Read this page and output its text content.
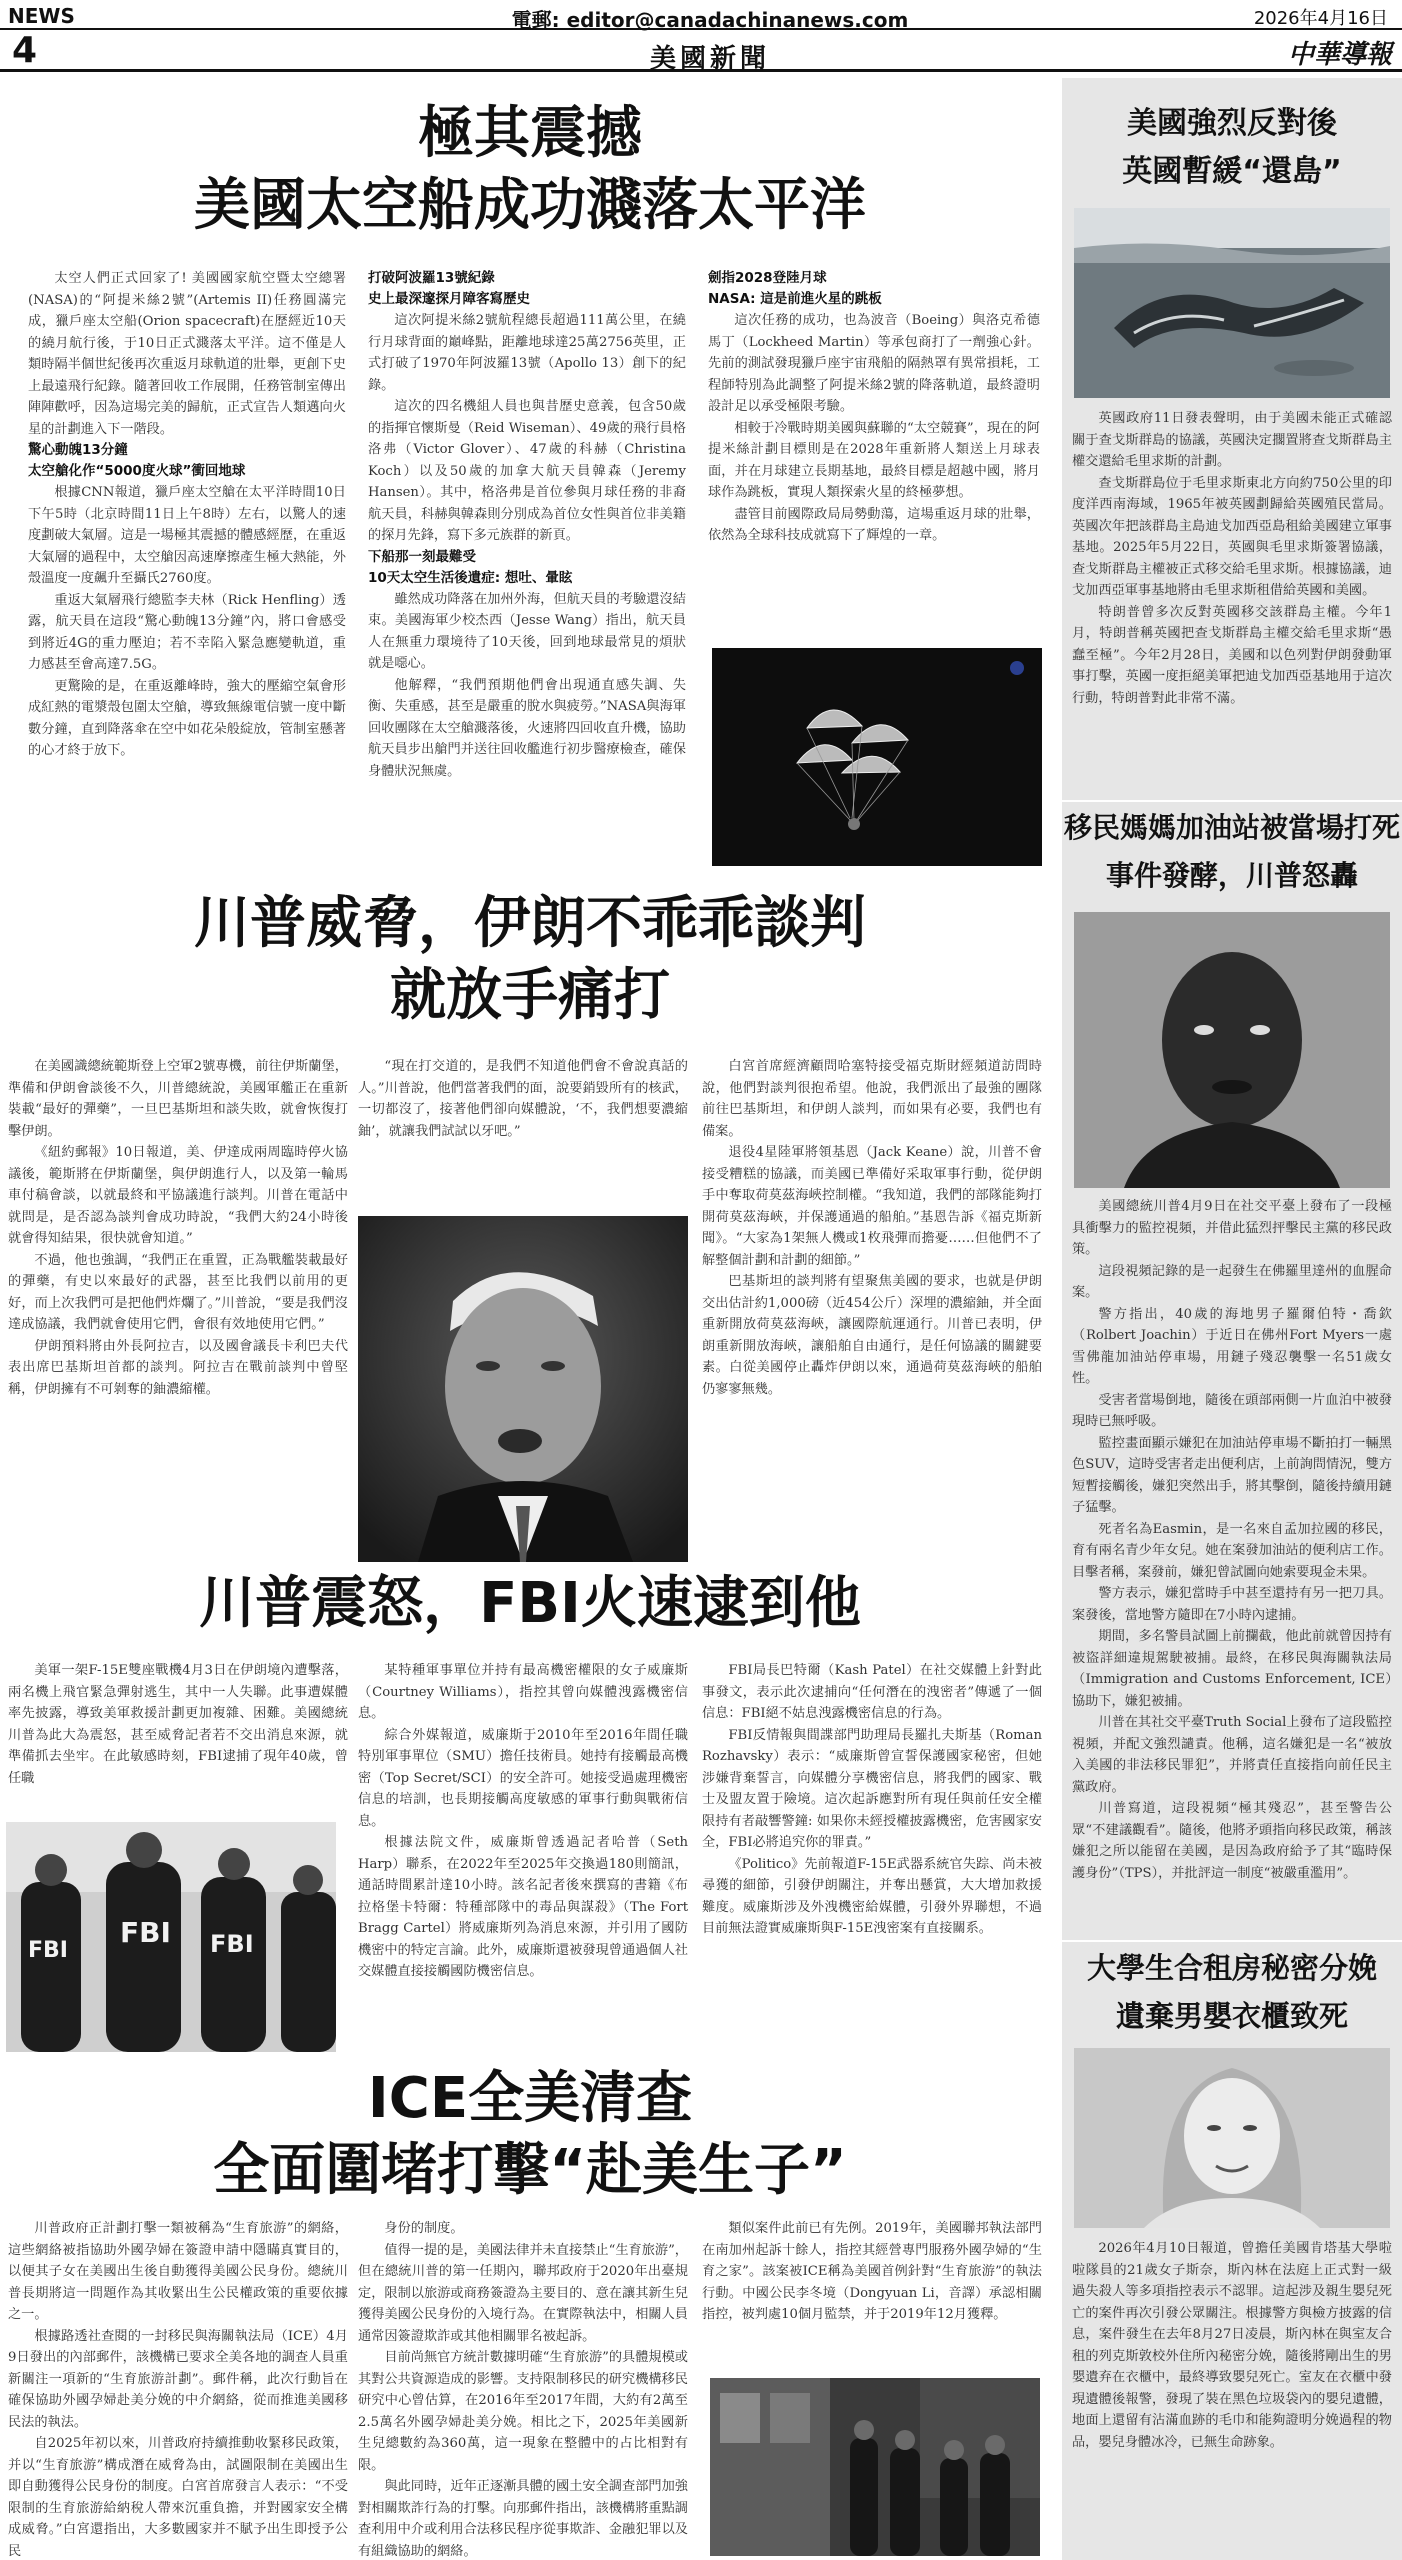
NEWS
4
電郵: editor@canadachinanews.com
美國新聞
2026年4月16日
中華導報
極其震撼
美國太空船成功濺落太平洋

太空人們正式回家了! 美國國家航空暨太空總署(NASA)的“阿提米絲2號”(Artemis II)任務圓滿完成，獵戶座太空船(Orion spacecraft)在歷經近10天的繞月航行後，于10日正式濺落太平洋。這不僅是人類時隔半個世紀後再次重返月球軌道的壯舉，更創下史上最遠飛行紀錄。隨著回收工作展開，任務管制室傳出陣陣歡呼，因為這場完美的歸航，正式宣告人類邁向火星的計劃進入下一階段。

驚心動魄13分鐘
太空艙化作“5000度火球”衝回地球

根據CNN報道，獵戶座太空艙在太平洋時間10日下午5時（北京時間11日上午8時）左右，以驚人的速度劃破大氣層。這是一場極其震撼的體感經歷，在重返大氣層的過程中，太空艙因高速摩擦產生極大熱能，外殼溫度一度飆升至攝氏2760度。

重返大氣層飛行總監李夫林（Rick Henfling）透露，航天員在這段“驚心動魄13分鐘”內，將口會感受到將近4G的重力壓迫；若不幸陷入緊急應變軌道，重力感甚至會高達7.5G。

更驚險的是，在重返離峰時，強大的壓縮空氣會形成紅熱的電漿殼包圍太空艙，導致無線電信號一度中斷數分鐘，直到降落傘在空中如花朵般綻放，管制室懸著的心才終于放下。

打破阿波羅13號紀錄
史上最深邃探月障客寫歷史

這次阿提米絲2號航程總長超過111萬公里，在繞行月球背面的巔峰點，距離地球達25萬2756英里，正式打破了1970年阿波羅13號（Apollo 13）創下的紀錄。

這次的四名機組人員也與昔歷史意義，包含50歲的指揮官懷斯曼（Reid Wiseman）、49歲的飛行員格洛弗（Victor Glover）、47歲的科赫（Christina Koch）以及50歲的加拿大航天員韓森（Jeremy Hansen）。其中，格洛弗是首位參與月球任務的非裔航天員，科赫與韓森則分別成為首位女性與首位非美籍的探月先鋒，寫下多元族群的新頁。

下船那一刻最難受
10天太空生活後遺症: 想吐、暈眩

雖然成功降落在加州外海，但航天員的考驗還沒結束。美國海軍少校杰西（Jesse Wang）指出，航天員人在無重力環境待了10天後，回到地球最常見的煩狀就是噁心。

他解釋，“我們預期他們會出現通直感失調、失衡、失重感，甚至是嚴重的脫水與疲勞。”NASA與海軍回收團隊在太空艙濺落後，火速將四回收直升機，協助航天員步出艙門并送往回收艦進行初步醫療檢查，確保身體狀況無虞。

劍指2028登陸月球
NASA: 這是前進火星的跳板

這次任務的成功，也為波音（Boeing）與洛克希德馬丁（Lockheed Martin）等承包商打了一劑強心針。先前的測試發現獵戶座宇宙飛船的隔熱罩有異常損耗，工程師特別為此調整了阿提米絲2號的降落軌道，最終證明設計足以承受極限考驗。

相較于冷戰時期美國與蘇聯的“太空競賽”，現在的阿提米絲計劃目標則是在2028年重新將人類送上月球表面，并在月球建立長期基地，最終目標是超越中國，將月球作為跳板，實現人類探索火星的終極夢想。

盡管目前國際政局局勢動蕩，這場重返月球的壯舉，依然為全球科技成就寫下了輝煌的一章。

川普威脅，伊朗不乖乖談判
就放手痛打

在美國識總統範斯登上空軍2號專機，前往伊斯蘭堡，準備和伊朗會談後不久，川普總統說，美國軍艦正在重新裝載“最好的彈藥”，一旦巴基斯坦和談失敗，就會恢復打擊伊朗。

《紐約郵報》10日報道，美、伊達成兩周臨時停火協議後，範斯將在伊斯蘭堡，與伊朗進行人，以及第一輪馬車付稿會談，以就最終和平協議進行談判。川普在電話中就問是，是否認為談判會成功時說，“我們大約24小時後就會得知結果，很快就會知道。”

不過，他也強調，“我們正在重置，正為戰艦裝載最好的彈藥，有史以來最好的武器，甚至比我們以前用的更好，而上次我們可是把他們炸爛了。”川普說，“要是我們沒達成協議，我們就會使用它們，會很有效地使用它們。”

伊朗預料將由外長阿拉吉，以及國會議長卡利巴夫代表出席巴基斯坦首都的談判。阿拉吉在戰前談判中曾堅稱，伊朗擁有不可剝奪的鈾濃縮權。

“現在打交道的，是我們不知道他們會不會說真話的人。”川普說，他們當著我們的面，說要銷毀所有的核武，一切都沒了，接著他們卻向媒體說，‘不，我們想要濃縮鈾’，就讓我們試試以牙吧。”

白宮首席經濟顧問哈塞特接受福克斯財經頻道訪問時說，他們對談判很抱希望。他說，我們派出了最強的團隊前往巴基斯坦，和伊朗人談判，而如果有必要，我們也有備案。

退役4星陸軍將領基恩（Jack Keane）說，川普不會接受糟糕的協議，而美國已準備好采取軍事行動，從伊朗手中奪取荷莫茲海峽控制權。“我知道，我們的部隊能夠打開荷莫茲海峽，并保護通過的船舶。”基恩告訴《福克斯新聞》。“大家為1架無人機或1枚飛彈而擔憂……但他們不了解整個計劃和計劃的細節。”

巴基斯坦的談判將有望聚焦美國的要求，也就是伊朗交出估計約1,000磅（近454公斤）深埋的濃縮鈾，并全面重新開放荷莫茲海峽，讓國際航運通行。川普已表明，伊朗重新開放海峽，讓船舶自由通行，是任何協議的關鍵要素。白從美國停止轟炸伊朗以來，通過荷莫茲海峽的船舶仍寥寥無幾。

川普震怒，FBI火速逮到他

美軍一架F-15E雙座戰機4月3日在伊朗境內遭擊落，兩名機上飛官緊急彈射逃生，其中一人失聯。此事遭媒體率先披露，導致美軍救援計劃更加複雜、困難。美國總統川普為此大為震怒，甚至威脅記者若不交出消息來源，就準備抓去坐牢。在此敏感時刻，FBI逮捕了現年40歲，曾任職

FBI
FBI FBI

某特種軍事單位并持有最高機密權限的女子威廉斯（Courtney Williams），指控其曾向媒體洩露機密信息。

綜合外媒報道，威廉斯于2010年至2016年間任職特別軍事單位（SMU）擔任技術員。她持有接觸最高機密（Top Secret/SCI）的安全許可。她接受過處理機密信息的培訓，也長期接觸高度敏感的軍事行動與戰術信息。

根據法院文件，威廉斯曾透過記者哈普（Seth Harp）聯系，在2022年至2025年交換過180則簡訊，通話時間累計達10小時。該名記者後來撰寫的書籍《布拉格堡卡特爾：特種部隊中的毒品與謀殺》（The Fort Bragg Cartel）將威廉斯列為消息來源，并引用了國防機密中的特定言論。此外，威廉斯還被發現曾通過個人社交媒體直接接觸國防機密信息。

FBI局長巴特爾（Kash Patel）在社交媒體上針對此事發文，表示此次逮捕向“任何潛在的洩密者”傳遞了一個信息：FBI絕不姑息洩露機密信息的行為。

FBI反情報與間諜部門助理局長羅扎夫斯基（Roman Rozhavsky）表示：“威廉斯曾宣誓保護國家秘密，但她涉嫌背棄誓言，向媒體分享機密信息，將我們的國家、戰士及盟友置于險境。這次起訴應對所有現任與前任安全權限持有者敲響警鐘: 如果你未經授權披露機密，危害國家安全，FBI必將追究你的罪責。”

《Politico》先前報道F-15E武器系統官失踪、尚未被尋獲的細節，引發伊朗關注，并奪出懸賞，大大增加救援難度。威廉斯涉及外洩機密給媒體，引發外界聯想，不過目前無法證實威廉斯與F-15E洩密案有直接關系。

ICE全美清查
全面圍堵打擊“赴美生子”

川普政府正計劃打擊一類被稱為“生育旅游”的網絡，這些網絡被指協助外國孕婦在簽證申請中隱瞞真實目的，以便其子女在美國出生後自動獲得美國公民身份。總統川普長期將這一問題作為其收緊出生公民權政策的重要依據之一。

根據路透社查閱的一封移民與海關執法局（ICE）4月9日發出的內部郵件，該機構已要求全美各地的調查人員重新關注一項新的“生育旅游計劃”。郵件稱，此次行動旨在確保協助外國孕婦赴美分娩的中介網絡，從而推進美國移民法的執法。

自2025年初以來，川普政府持續推動收緊移民政策，并以“生育旅游”構成潛在威脅為由，試圖限制在美國出生即自動獲得公民身份的制度。白宮首席發言人表示：“不受限制的生育旅游給納稅人帶來沉重負擔，并對國家安全構成威脅。”白宮還指出，大多數國家并不賦予出生即授予公民

身份的制度。

值得一提的是，美國法律并未直接禁止“生育旅游”，但在總統川普的第一任期內，聯邦政府于2020年出臺規定，限制以旅游或商務簽證為主要目的、意在讓其新生兒獲得美國公民身份的入境行為。在實際執法中，相關人員通常因簽證欺詐或其他相關罪名被起訴。

目前尚無官方統計數據明確“生育旅游”的具體規模或其對公共資源造成的影響。支持限制移民的研究機構移民研究中心曾估算，在2016年至2017年間，大約有2萬至2.5萬名外國孕婦赴美分娩。相比之下，2025年美國新生兒總數約為360萬，這一現象在整體中的占比相對有限。

與此同時，近年正逐漸具體的國土安全調查部門加強對相關欺詐行為的打擊。向那郵件指出，該機構將重點調查利用中介或利用合法移民程序從事欺詐、金融犯罪以及有組織協助的網絡。

類似案件此前已有先例。2019年，美國聯邦執法部門在南加州起訴十餘人，指控其經營專門服務外國孕婦的“生育之家”。該案被ICE稱為美國首例針對“生育旅游”的執法行動。中國公民李冬境（Dongyuan Li，音譯）承認相關指控，被判處10個月監禁，并于2019年12月獲釋。

美國強烈反對後
英國暫緩“還島”

英國政府11日發表聲明，由于美國未能正式確認關于查戈斯群島的協議，英國決定擱置將查戈斯群島主權交還給毛里求斯的計劃。

查戈斯群島位于毛里求斯東北方向約750公里的印度洋西南海域，1965年被英國劃歸給英國殖民當局。英國次年把該群島主島迪戈加西亞島租給美國建立軍事基地。2025年5月22日，英國與毛里求斯簽署協議，查戈斯群島主權被正式移交給毛里求斯。根據協議，迪戈加西亞軍事基地將由毛里求斯租借給英國和美國。

特朗普曾多次反對英國移交該群島主權。今年1月，特朗普稱英國把查戈斯群島主權交給毛里求斯“愚蠢至極”。今年2月28日，美國和以色列對伊朗發動軍事打擊，英國一度拒絕美軍把迪戈加西亞基地用于這次行動，特朗普對此非常不滿。

移民媽媽加油站被當場打死
事件發酵，川普怒轟

美國總統川普4月9日在社交平臺上發布了一段極具衝擊力的監控視頻，并借此猛烈抨擊民主黨的移民政策。

這段視頻記錄的是一起發生在佛羅里達州的血腥命案。

警方指出，40歲的海地男子羅爾伯特・喬欽（Rolbert Joachin）于近日在佛州Fort Myers一處雪佛龍加油站停車場，用鏈子殘忍襲擊一名51歲女性。

受害者當場倒地，隨後在頭部兩側一片血泊中被發現時已無呼吸。

監控畫面顯示嫌犯在加油站停車場不斷拍打一輛黑色SUV，這時受害者走出便利店，上前詢問情況，雙方短暫接觸後，嫌犯突然出手，將其擊倒，隨後持續用鏈子猛擊。

死者名為Easmin，是一名來自孟加拉國的移民，育有兩名青少年女兒。她在案發加油站的便利店工作。目擊者稱，案發前，嫌犯曾試圖向她索要現金未果。

警方表示，嫌犯當時手中甚至還持有另一把刀具。案發後，當地警方隨即在7小時內逮捕。

期間，多名警員試圖上前攔截，他此前就曾因持有被盜詳細違規駕駛被捕。最終，在移民與海關執法局（Immigration and Customs Enforcement, ICE）協助下，嫌犯被捕。

川普在其社交平臺Truth Social上發布了這段監控視頻，并配文強烈譴責。他稱，這名嫌犯是一名“被放入美國的非法移民罪犯”，并將責任直接指向前任民主黨政府。

川普寫道，這段視頻“極其殘忍”，甚至警告公眾“不建議觀看”。隨後，他將矛頭指向移民政策，稱該嫌犯之所以能留在美國，是因為政府給予了其“臨時保護身份”（TPS），并批評這一制度“被嚴重濫用”。

大學生合租房秘密分娩
遺棄男嬰衣櫃致死

2026年4月10日報道，曾擔任美國肯塔基大學啦啦隊員的21歲女子斯奈，斯內林在法庭上正式對一級過失殺人等多項指控表示不認罪。這起涉及親生嬰兒死亡的案件再次引發公眾關注。根據警方與檢方披露的信息，案件發生在去年8月27日凌晨，斯內林在與室友合租的列克斯敦校外住所內秘密分娩，隨後將剛出生的男嬰遺弃在衣櫃中，最終導致嬰兒死亡。室友在衣櫃中發現遺體後報警，發現了裝在黑色垃圾袋內的嬰兒遺體，地面上還留有沾滿血跡的毛巾和能夠證明分娩過程的物品，嬰兒身體冰冷，已無生命跡象。
